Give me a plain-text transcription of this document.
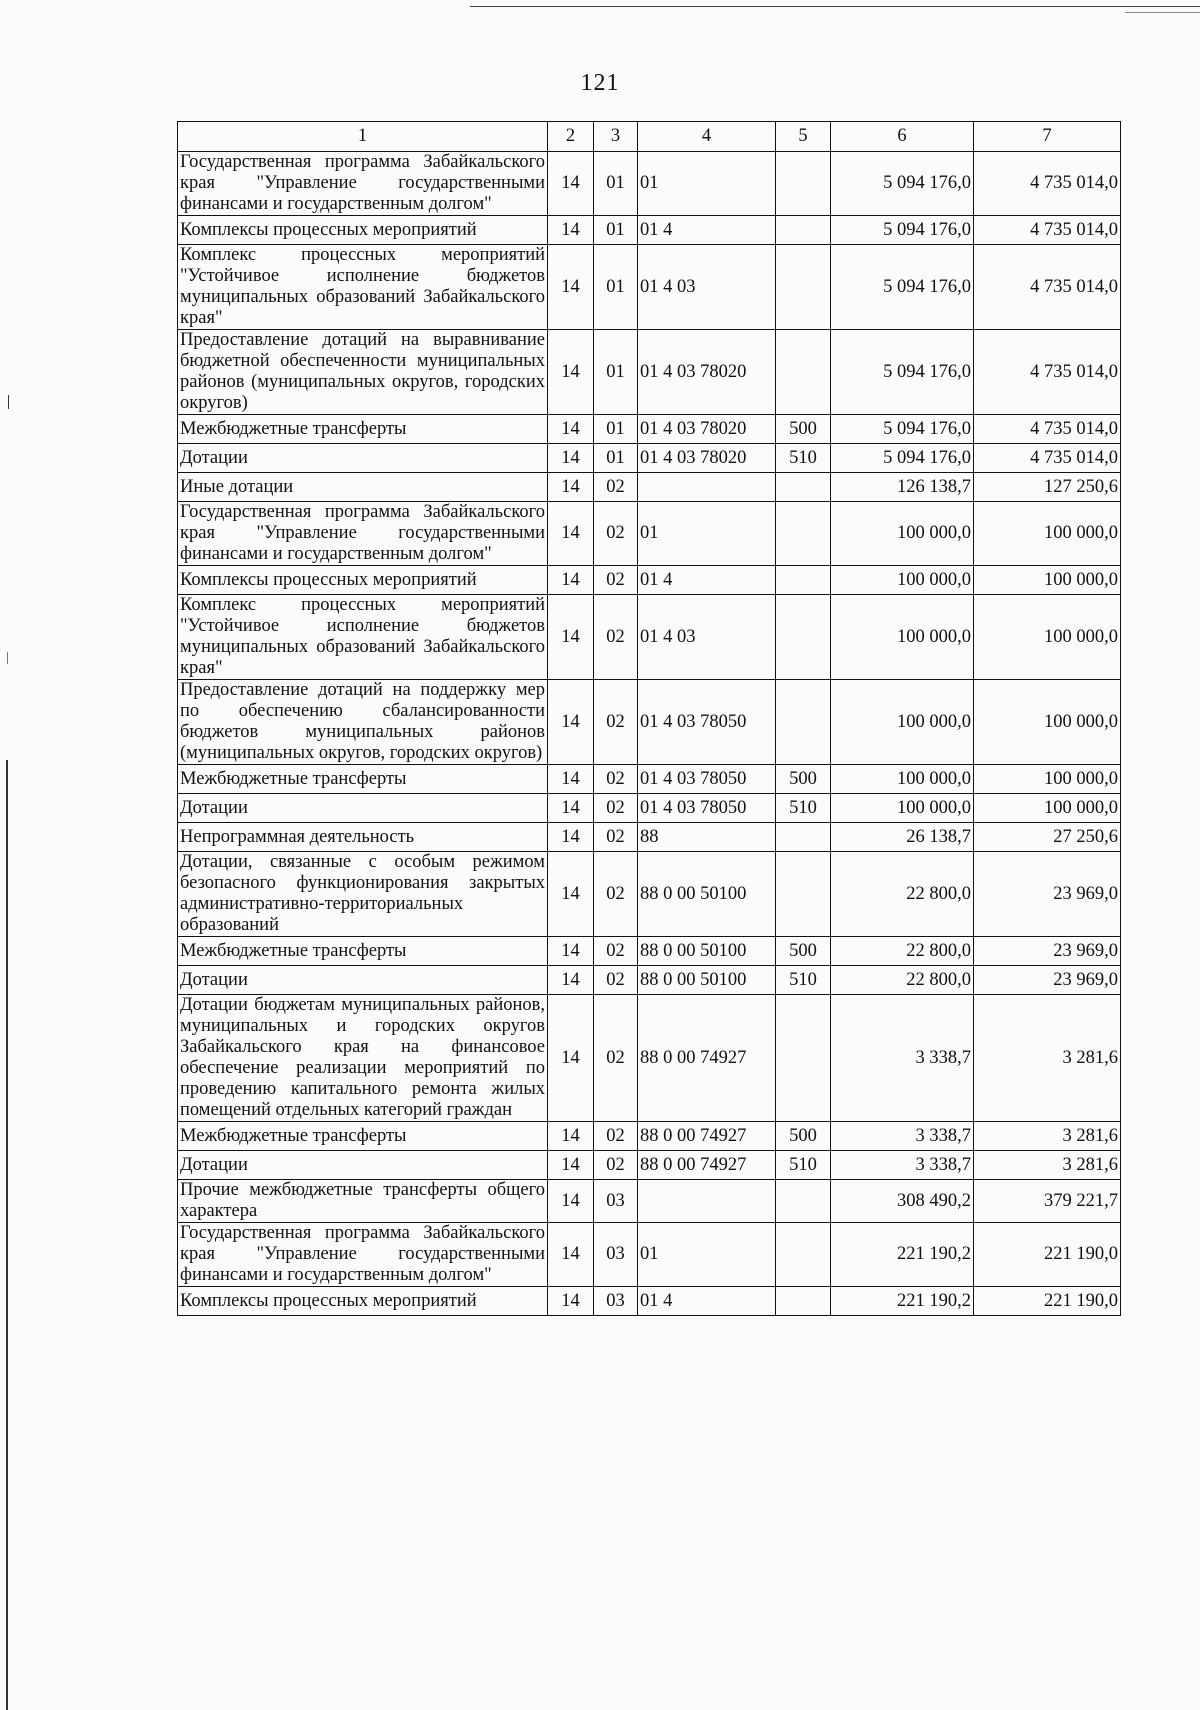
121
1	2	3	4	5	6	7
Государственная программа Забайкальского края "Управление государственными финансами и государственным долгом"	14	01	01		5 094 176,0	4 735 014,0
Комплексы процессных мероприятий	14	01	01 4		5 094 176,0	4 735 014,0
Комплекс процессных мероприятий "Устойчивое исполнение бюджетов муниципальных образований Забайкальского края"	14	01	01 4 03		5 094 176,0	4 735 014,0
Предоставление дотаций на выравнивание бюджетной обеспеченности муниципальных районов (муниципальных округов, городских округов)	14	01	01 4 03 78020		5 094 176,0	4 735 014,0
Межбюджетные трансферты	14	01	01 4 03 78020	500	5 094 176,0	4 735 014,0
Дотации	14	01	01 4 03 78020	510	5 094 176,0	4 735 014,0
Иные дотации	14	02			126 138,7	127 250,6
Государственная программа Забайкальского края "Управление государственными финансами и государственным долгом"	14	02	01		100 000,0	100 000,0
Комплексы процессных мероприятий	14	02	01 4		100 000,0	100 000,0
Комплекс процессных мероприятий "Устойчивое исполнение бюджетов муниципальных образований Забайкальского края"	14	02	01 4 03		100 000,0	100 000,0
Предоставление дотаций на поддержку мер по обеспечению сбалансированности бюджетов муниципальных районов (муниципальных округов, городских округов)	14	02	01 4 03 78050		100 000,0	100 000,0
Межбюджетные трансферты	14	02	01 4 03 78050	500	100 000,0	100 000,0
Дотации	14	02	01 4 03 78050	510	100 000,0	100 000,0
Непрограммная деятельность	14	02	88		26 138,7	27 250,6
Дотации, связанные с особым режимом безопасного функционирования закрытых административно-территориальных образований	14	02	88 0 00 50100		22 800,0	23 969,0
Межбюджетные трансферты	14	02	88 0 00 50100	500	22 800,0	23 969,0
Дотации	14	02	88 0 00 50100	510	22 800,0	23 969,0
Дотации бюджетам муниципальных районов, муниципальных и городских округов Забайкальского края на финансовое обеспечение реализации мероприятий по проведению капитального ремонта жилых помещений отдельных категорий граждан	14	02	88 0 00 74927		3 338,7	3 281,6
Межбюджетные трансферты	14	02	88 0 00 74927	500	3 338,7	3 281,6
Дотации	14	02	88 0 00 74927	510	3 338,7	3 281,6
Прочие межбюджетные трансферты общего характера	14	03			308 490,2	379 221,7
Государственная программа Забайкальского края "Управление государственными финансами и государственным долгом"	14	03	01		221 190,2	221 190,0
Комплексы процессных мероприятий	14	03	01 4		221 190,2	221 190,0
